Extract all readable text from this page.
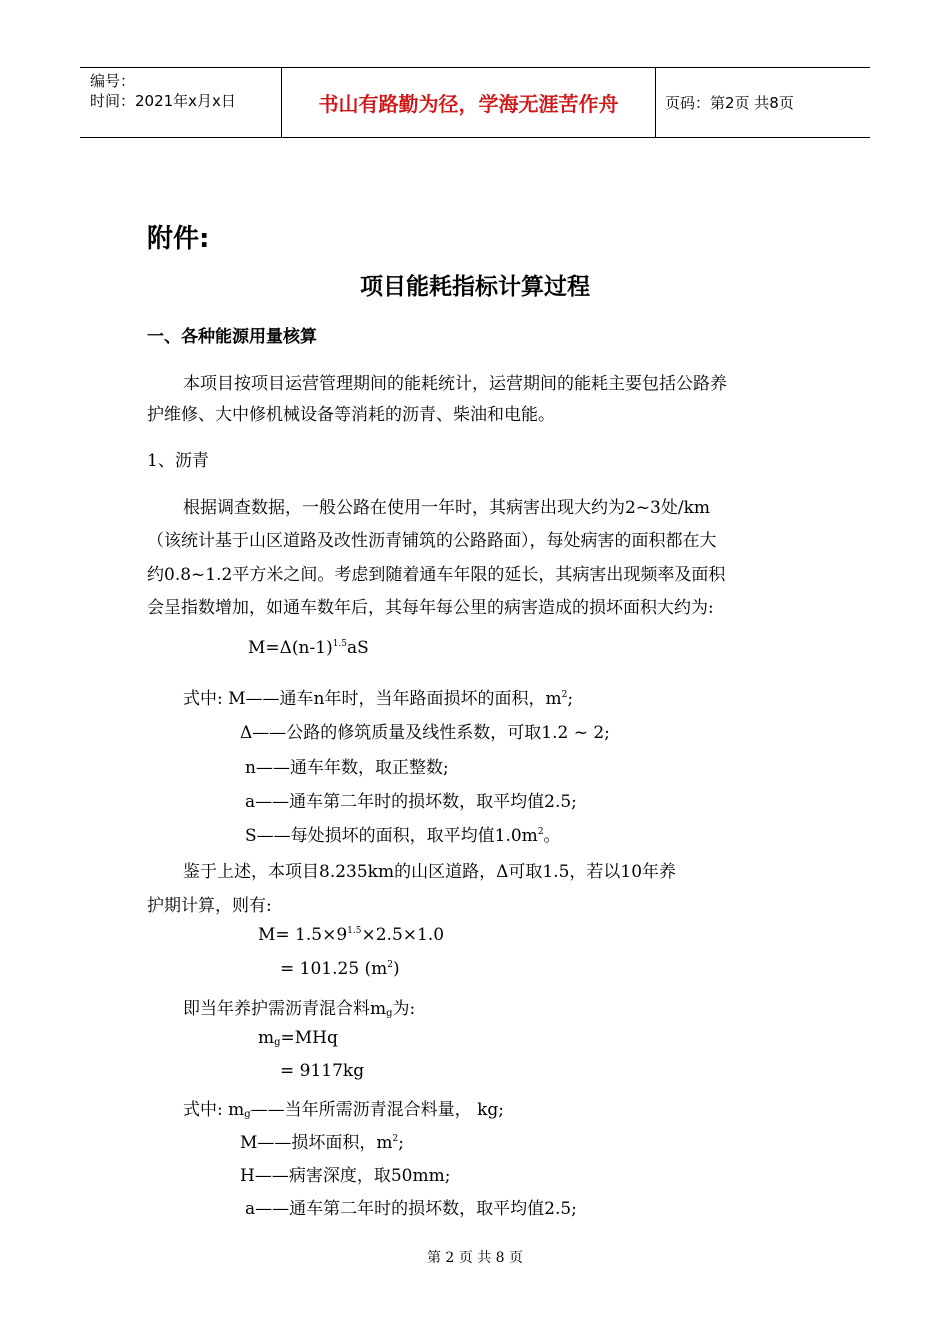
编号：
时间：2021年x月x日	书山有路勤为径，学海无涯苦作舟	页码：第2页 共8页
附件:
项目能耗指标计算过程
一、各种能源用量核算
本项目按项目运营管理期间的能耗统计，运营期间的能耗主要包括公路养
护维修、大中修机械设备等消耗的沥青、柴油和电能。
1、沥青
根据调查数据，一般公路在使用一年时，其病害出现大约为2~3处/km
（该统计基于山区道路及改性沥青铺筑的公路路面），每处病害的面积都在大
约0.8~1.2平方米之间。考虑到随着通车年限的延长，其病害出现频率及面积
会呈指数增加，如通车数年后，其每年每公里的病害造成的损坏面积大约为:
$M=\Delta(n-1)^{1.5}aS$
式中: M——通车n年时，当年路面损坏的面积，$m^2$;
Δ——公路的修筑质量及线性系数，可取1.2 ~ 2;
n——通车年数，取正整数;
a——通车第二年时的损坏数，取平均值2.5;
S——每处损坏的面积，取平均值$1.0m^2$。
鉴于上述，本项目8.235km的山区道路，Δ可取1.5，若以10年养
护期计算，则有:
$M= 1.5\times 9^{1.5}\times 2.5\times 1.0$
= 101.25 $(m^2)$
即当年养护需沥青混合料$m_g$为:
$m_g=MHq$
= 9117kg
式中: $m_g——$当年所需沥青混合料量， kg;
M——损坏面积，$m^2$;
H——病害深度，取50mm;
a——通车第二年时的损坏数，取平均值2.5;
第 2 页 共 8 页
